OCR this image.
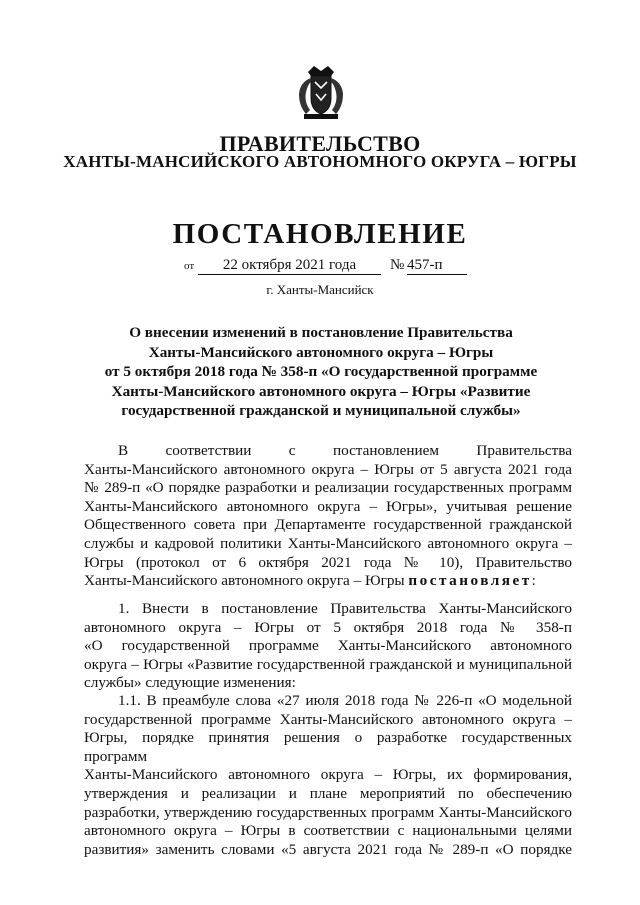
ПРАВИТЕЛЬСТВО
ХАНТЫ-МАНСИЙСКОГО АВТОНОМНОГО ОКРУГА – ЮГРЫ
ПОСТАНОВЛЕНИЕ
от	22 октября 2021 года	№ 457-п
г. Ханты-Мансийск
О внесении изменений в постановление Правительства
Ханты-Мансийского автономного округа – Югры
от 5 октября 2018 года № 358-п «О государственной программе
Ханты-Мансийского автономного округа – Югры «Развитие
государственной гражданской и муниципальной службы»

В соответствии с постановлением Правительства

Ханты-Мансийского автономного округа – Югры от 5 августа 2021 года

№ 289-п «О порядке разработки и реализации государственных программ

Ханты-Мансийского автономного округа – Югры», учитывая решение

Общественного совета при Департаменте государственной гражданской

службы и кадровой политики Ханты-Мансийского автономного округа –

Югры (протокол от 6 октября 2021 года № 10), Правительство

Ханты-Мансийского автономного округа – Югры постановляет:

1. Внести в постановление Правительства Ханты-Мансийского

автономного округа – Югры от 5 октября 2018 года № 358-п

«О государственной программе Ханты-Мансийского автономного

округа – Югры «Развитие государственной гражданской и муниципальной

службы» следующие изменения:

1.1. В преамбуле слова «27 июля 2018 года № 226-п «О модельной

государственной программе Ханты-Мансийского автономного округа –

Югры, порядке принятия решения о разработке государственных программ

Ханты-Мансийского автономного округа – Югры, их формирования,

утверждения и реализации и плане мероприятий по обеспечению

разработки, утверждению государственных программ Ханты-Мансийского

автономного округа – Югры в соответствии с национальными целями

развития» заменить словами «5 августа 2021 года № 289-п «О порядке
